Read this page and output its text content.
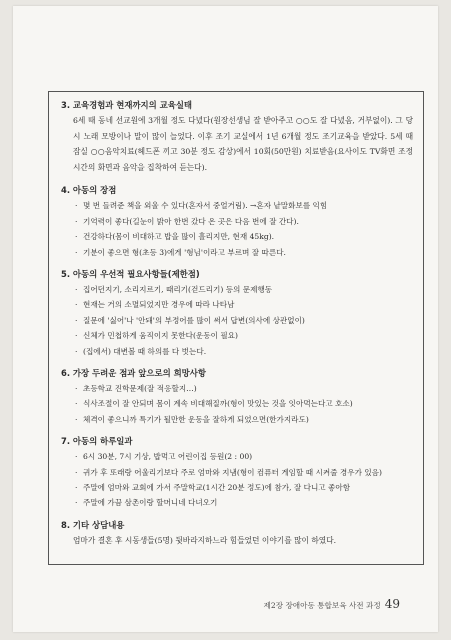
3. 교육경험과 현재까지의 교육실태

6세 때 동네 선교원에 3개월 정도 다녔다(원장선생님 잘 받아주고 ○○도 잘 다녔음, 거부없이). 그 당시 노래 모방이나 말이 많이 늘었다. 이후 조기 교실에서 1년 6개월 정도 조기교육을 받았다. 5세 때 잠실 ○○음악치료(헤드폰 끼고 30분 정도 감상)에서 10회(50만원) 치료받음(요사이도 TV화면 조정시간의 화면과 음악을 집착하여 듣는다).

4. 아동의 장점
· 몇 번 들려준 책을 외울 수 있다(혼자서 중얼거림). →혼자 낱말화보를 익힘
· 기억력이 좋다(길눈이 밝아 한번 갔다 온 곳은 다음 번에 잘 간다).
· 건강하다(몸이 비대하고 밥을 많이 흘리지만, 현재 45kg).
· 기분이 좋으면 형(초등 3)에게 '형님'이라고 부르며 잘 따른다.
5. 아동의 우선적 필요사항들(제한점)
· 집어던지기, 소리지르기, 때리기(걷드리기) 등의 문제행동
· 현재는 거의 소멸되었지만 경우에 따라 나타남
· 질문에 '싫어'나 '안돼'의 부정어를 많이 써서 답변(의사에 상관없이)
· 신체가 민첩하게 움직이지 못한다(운동이 필요)
· (집에서) 대변볼 때 하의를 다 벗는다.
6. 가장 두려운 점과 앞으로의 희망사항
· 초등학교 진학문제(잘 적응할지…)
· 식사조절이 잘 안되며 몸이 계속 비대해질까(형이 맛있는 것을 잇아먹는다고 호소)
· 체격이 좋으니까 특기가 될만한 운동을 잘하게 되었으면(한가지라도)
7. 아동의 하루일과
· 6시 30분, 7시 기상, 밥먹고 어린이집 등원(2 : 00)
· 귀가 후 또래랑 어울리기보다 주로 엄마와 지냄(형이 컴퓨터 게임할 때 시켜줄 경우가 있음)
· 주말에 엄마와 교회에 가서 주말학교(1시간 20분 정도)에 참가, 잘 다니고 좋아함
· 주말에 가끔 삼촌이랑 할머니네 다녀오기
8. 기타 상담내용

엄마가 결혼 후 시동생들(5명) 뒷바라지하느라 힘들었던 이야기를 많이 하였다.

제2장 장애아동 통합보육 사전 과정 49
